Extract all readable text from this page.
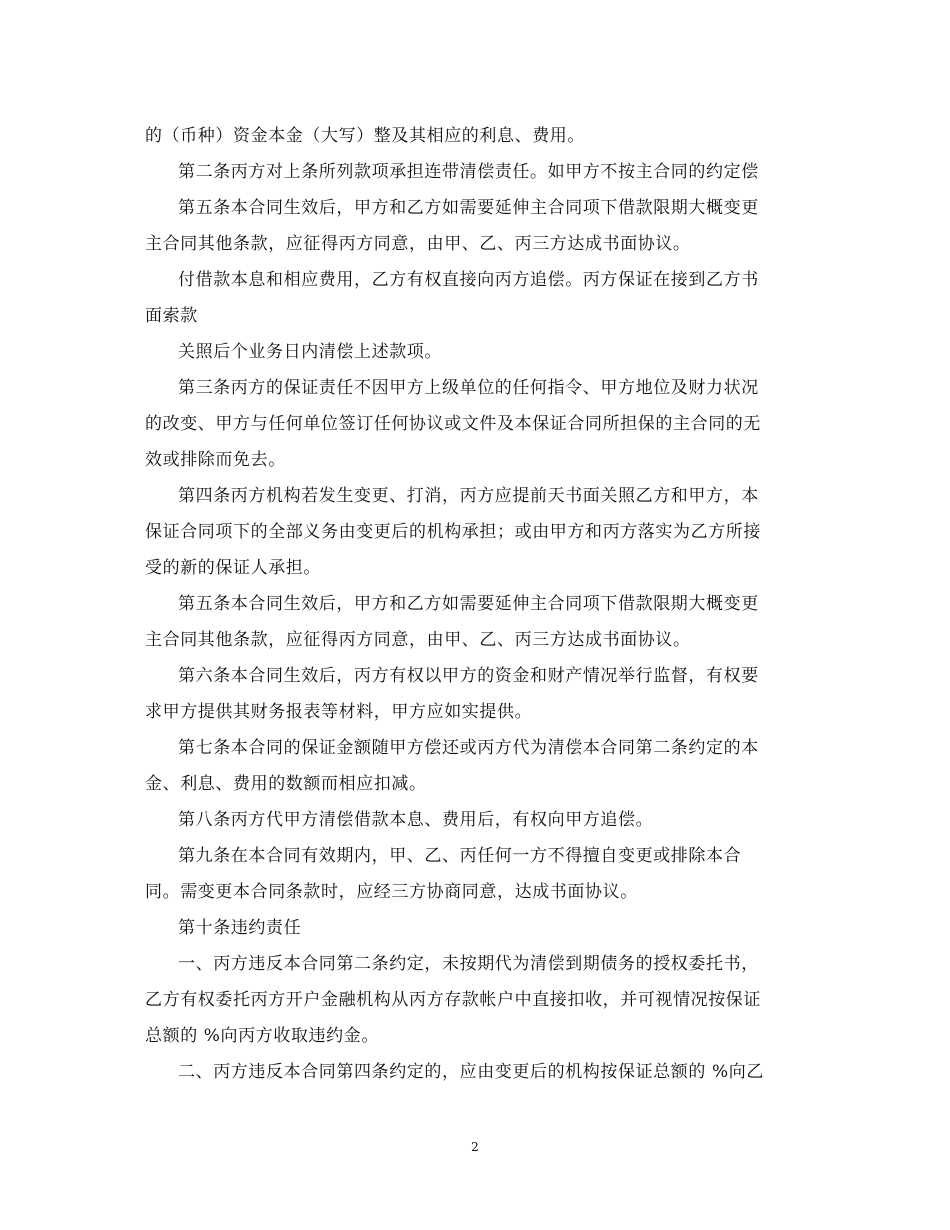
的（币种）资金本金（大写）整及其相应的利息、费用。
第二条丙方对上条所列款项承担连带清偿责任。如甲方不按主合同的约定偿
第五条本合同生效后，甲方和乙方如需要延伸主合同项下借款限期大概变更
主合同其他条款，应征得丙方同意，由甲、乙、丙三方达成书面协议。
付借款本息和相应费用，乙方有权直接向丙方追偿。丙方保证在接到乙方书
面索款
关照后个业务日内清偿上述款项。
第三条丙方的保证责任不因甲方上级单位的任何指令、甲方地位及财力状况
的改变、甲方与任何单位签订任何协议或文件及本保证合同所担保的主合同的无
效或排除而免去。
第四条丙方机构若发生变更、打消，丙方应提前天书面关照乙方和甲方，本
保证合同项下的全部义务由变更后的机构承担；或由甲方和丙方落实为乙方所接
受的新的保证人承担。
第五条本合同生效后，甲方和乙方如需要延伸主合同项下借款限期大概变更
主合同其他条款，应征得丙方同意，由甲、乙、丙三方达成书面协议。
第六条本合同生效后，丙方有权以甲方的资金和财产情况举行监督，有权要
求甲方提供其财务报表等材料，甲方应如实提供。
第七条本合同的保证金额随甲方偿还或丙方代为清偿本合同第二条约定的本
金、利息、费用的数额而相应扣减。
第八条丙方代甲方清偿借款本息、费用后，有权向甲方追偿。
第九条在本合同有效期内，甲、乙、丙任何一方不得擅自变更或排除本合
同。需变更本合同条款时，应经三方协商同意，达成书面协议。
第十条违约责任
一、丙方违反本合同第二条约定，未按期代为清偿到期债务的授权委托书，
乙方有权委托丙方开户金融机构从丙方存款帐户中直接扣收，并可视情况按保证
总额的 %向丙方收取违约金。
二、丙方违反本合同第四条约定的，应由变更后的机构按保证总额的 %向乙
2
